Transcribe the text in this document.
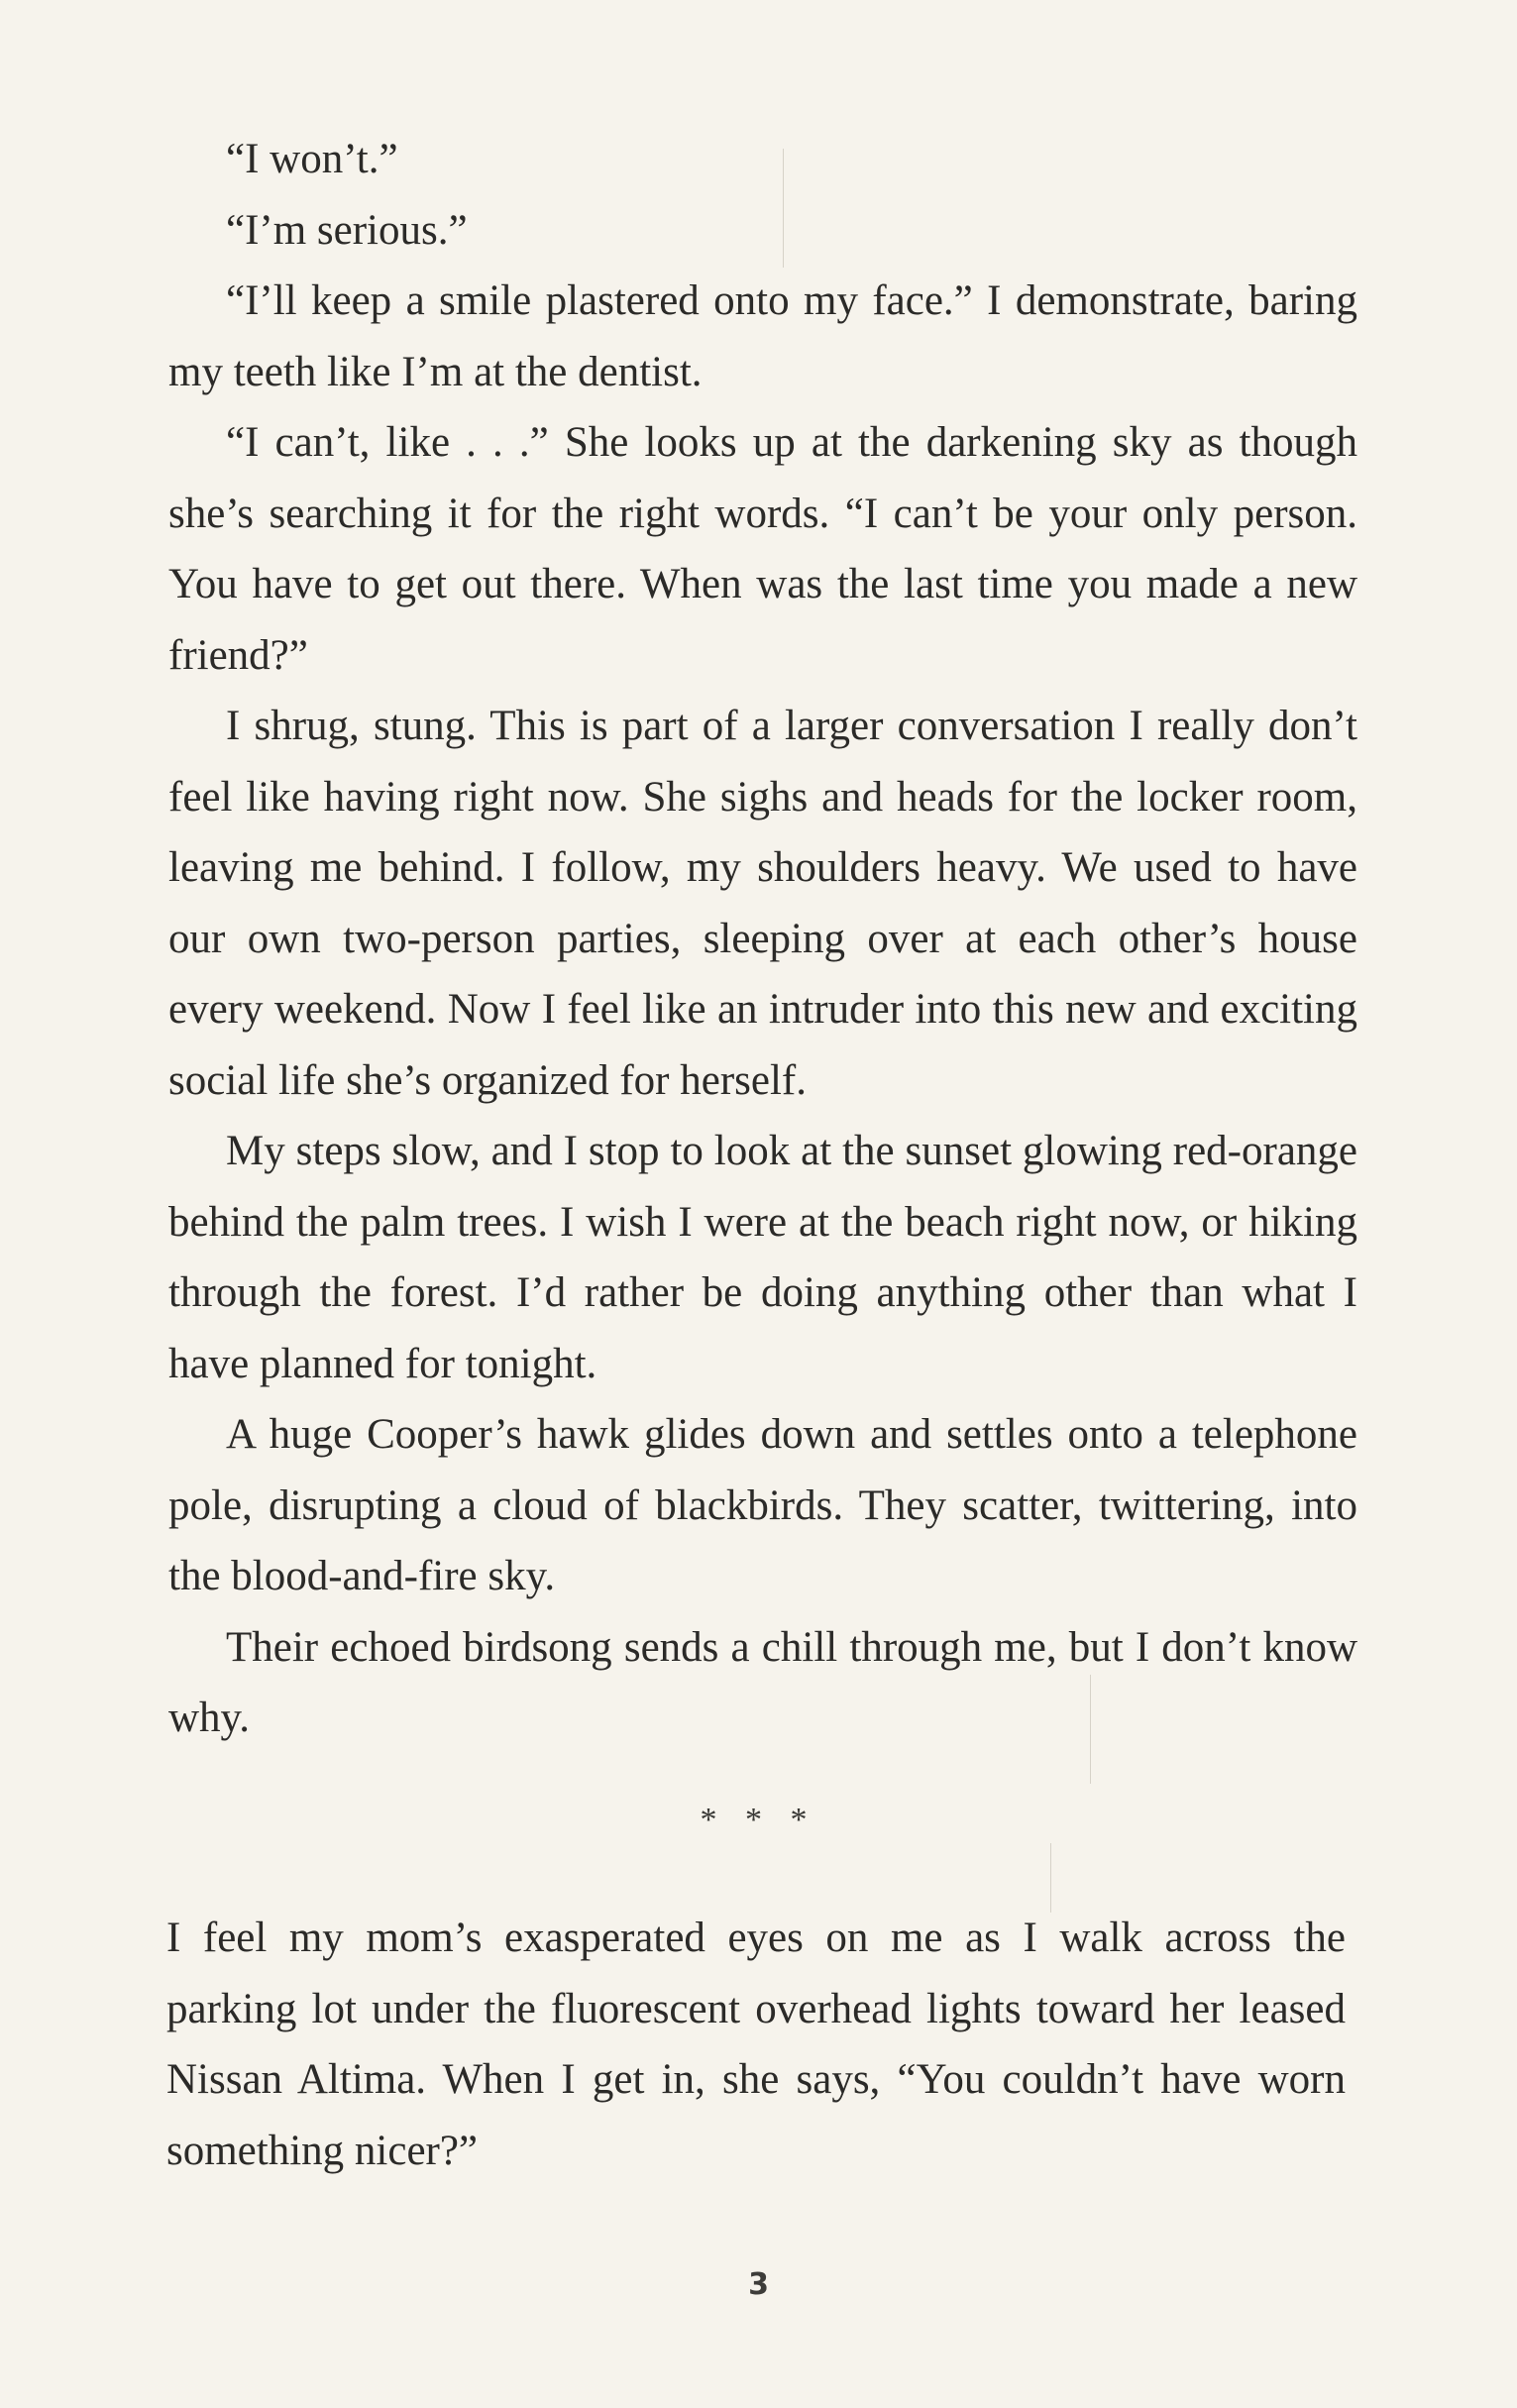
“I won’t.”

“I’m serious.”

“I’ll keep a smile plastered onto my face.” I demonstrate, baring my teeth like I’m at the dentist.

“I can’t, like . . .” She looks up at the darkening sky as though she’s searching it for the right words. “I can’t be your only person. You have to get out there. When was the last time you made a new friend?”

I shrug, stung. This is part of a larger conversation I really don’t feel like having right now. She sighs and heads for the locker room, leaving me behind. I follow, my shoulders heavy. We used to have our own two-person parties, sleeping over at each other’s house every weekend. Now I feel like an intruder into this new and exciting social life she’s organized for herself.

My steps slow, and I stop to look at the sunset glowing red-orange behind the palm trees. I wish I were at the beach right now, or hiking through the forest. I’d rather be doing anything other than what I have planned for tonight.

A huge Cooper’s hawk glides down and settles onto a telephone pole, disrupting a cloud of blackbirds. They scatter, twittering, into the blood-and-fire sky.

Their echoed birdsong sends a chill through me, but I don’t know why.

* * *

I feel my mom’s exasperated eyes on me as I walk across the parking lot under the fluorescent overhead lights toward her leased Nissan Altima. When I get in, she says, “You couldn’t have worn something nicer?”

3
